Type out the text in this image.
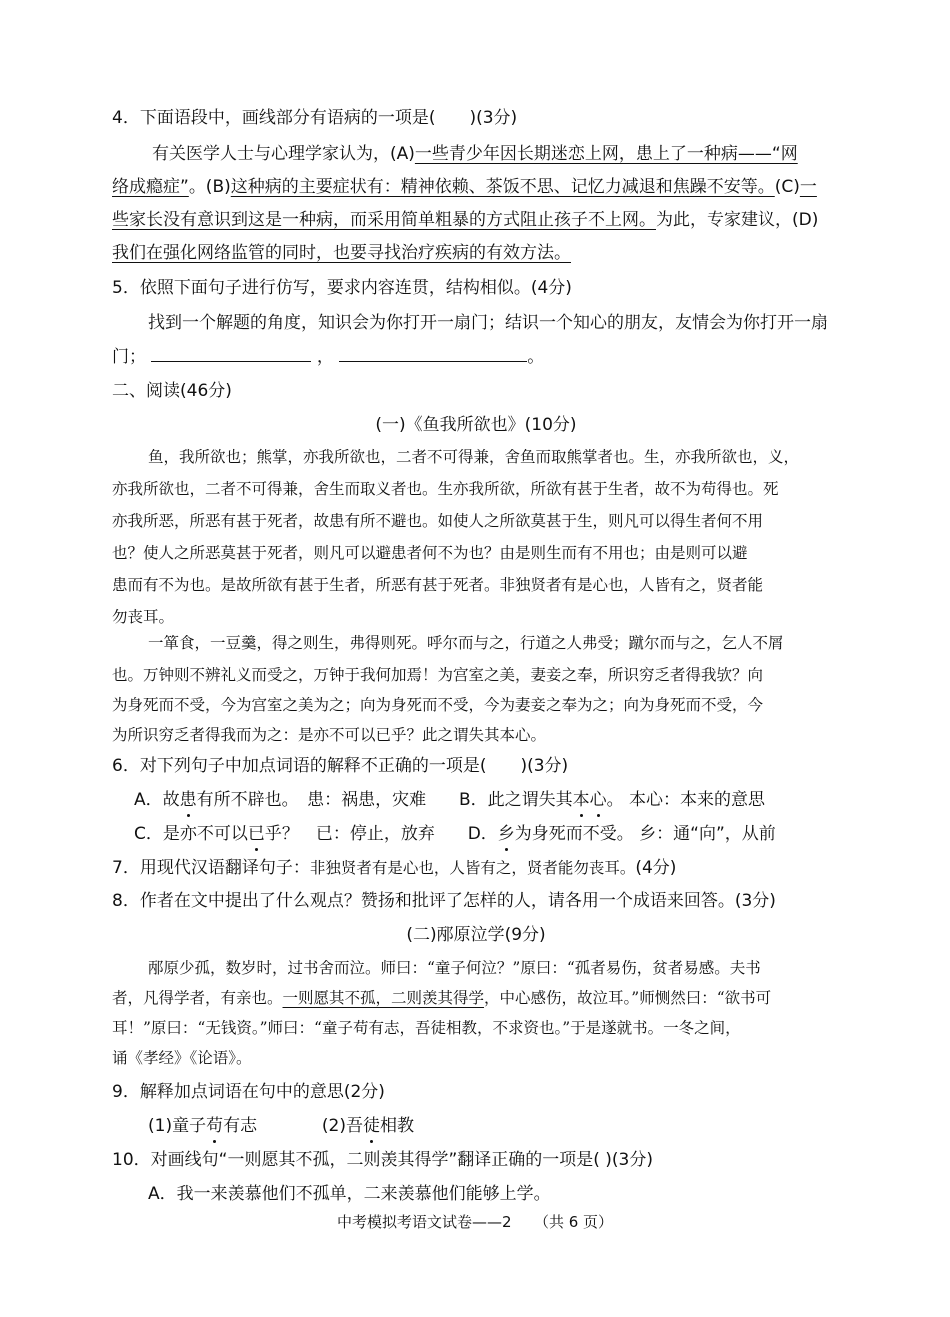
4．下面语段中，画线部分有语病的一项是(　　)(3分)
有关医学人士与心理学家认为，(A)一些青少年因长期迷恋上网，患上了一种病——“网
络成瘾症”。(B)这种病的主要症状有：精神依赖、茶饭不思、记忆力减退和焦躁不安等。(C)一
些家长没有意识到这是一种病，而采用简单粗暴的方式阻止孩子不上网。为此，专家建议，(D)
我们在强化网络监管的同时，也要寻找治疗疾病的有效方法。
5．依照下面句子进行仿写，要求内容连贯，结构相似。(4分)
找到一个解题的角度，知识会为你打开一扇门；结识一个知心的朋友，友情会为你打开一扇
门；	，	。
二、阅读(46分)
(一)《鱼我所欲也》(10分)
鱼，我所欲也；熊掌，亦我所欲也，二者不可得兼，舍鱼而取熊掌者也。生，亦我所欲也，义，
亦我所欲也，二者不可得兼，舍生而取义者也。生亦我所欲，所欲有甚于生者，故不为苟得也。死
亦我所恶，所恶有甚于死者，故患有所不避也。如使人之所欲莫甚于生，则凡可以得生者何不用
也？使人之所恶莫甚于死者，则凡可以避患者何不为也？由是则生而有不用也；由是则可以避
患而有不为也。是故所欲有甚于生者，所恶有甚于死者。非独贤者有是心也，人皆有之，贤者能
勿丧耳。
一箪食，一豆羹，得之则生，弗得则死。呼尔而与之，行道之人弗受；蹴尔而与之，乞人不屑
也。万钟则不辨礼义而受之，万钟于我何加焉！为宫室之美，妻妾之奉，所识穷乏者得我欤？向
为身死而不受，今为宫室之美为之；向为身死而不受，今为妻妾之奉为之；向为身死而不受，今
为所识穷乏者得我而为之：是亦不可以已乎？此之谓失其本心。
6．对下列句子中加点词语的解释不正确的一项是(　　)(3分)
A．故患有所不辟也。　患：祸患，灾难 B．此之谓失其本心。 本心：本来的意思
C．是亦不可以已乎？　已：停止，放弃 D．乡为身死而不受。 乡：通“向”，从前
7．用现代汉语翻译句子：非独贤者有是心也，人皆有之，贤者能勿丧耳。(4分)
8．作者在文中提出了什么观点？赞扬和批评了怎样的人，请各用一个成语来回答。(3分)
(二)邴原泣学(9分)
邴原少孤，数岁时，过书舍而泣。师曰：“童子何泣？”原曰：“孤者易伤，贫者易感。夫书
者，凡得学者，有亲也。一则愿其不孤，二则羡其得学，中心感伤，故泣耳。”师恻然曰：“欲书可
耳！”原曰：“无钱资。”师曰：“童子苟有志，吾徒相教，不求资也。”于是遂就书。一冬之间，
诵《孝经》《论语》。
9．解释加点词语在句中的意思(2分)
(1)童子苟有志	(2)吾徒相教
10．对画线句“一则愿其不孤，二则羡其得学”翻译正确的一项是( )(3分)
A．我一来羡慕他们不孤单，二来羡慕他们能够上学。
中考模拟考语文试卷——2　　（共 6 页）
